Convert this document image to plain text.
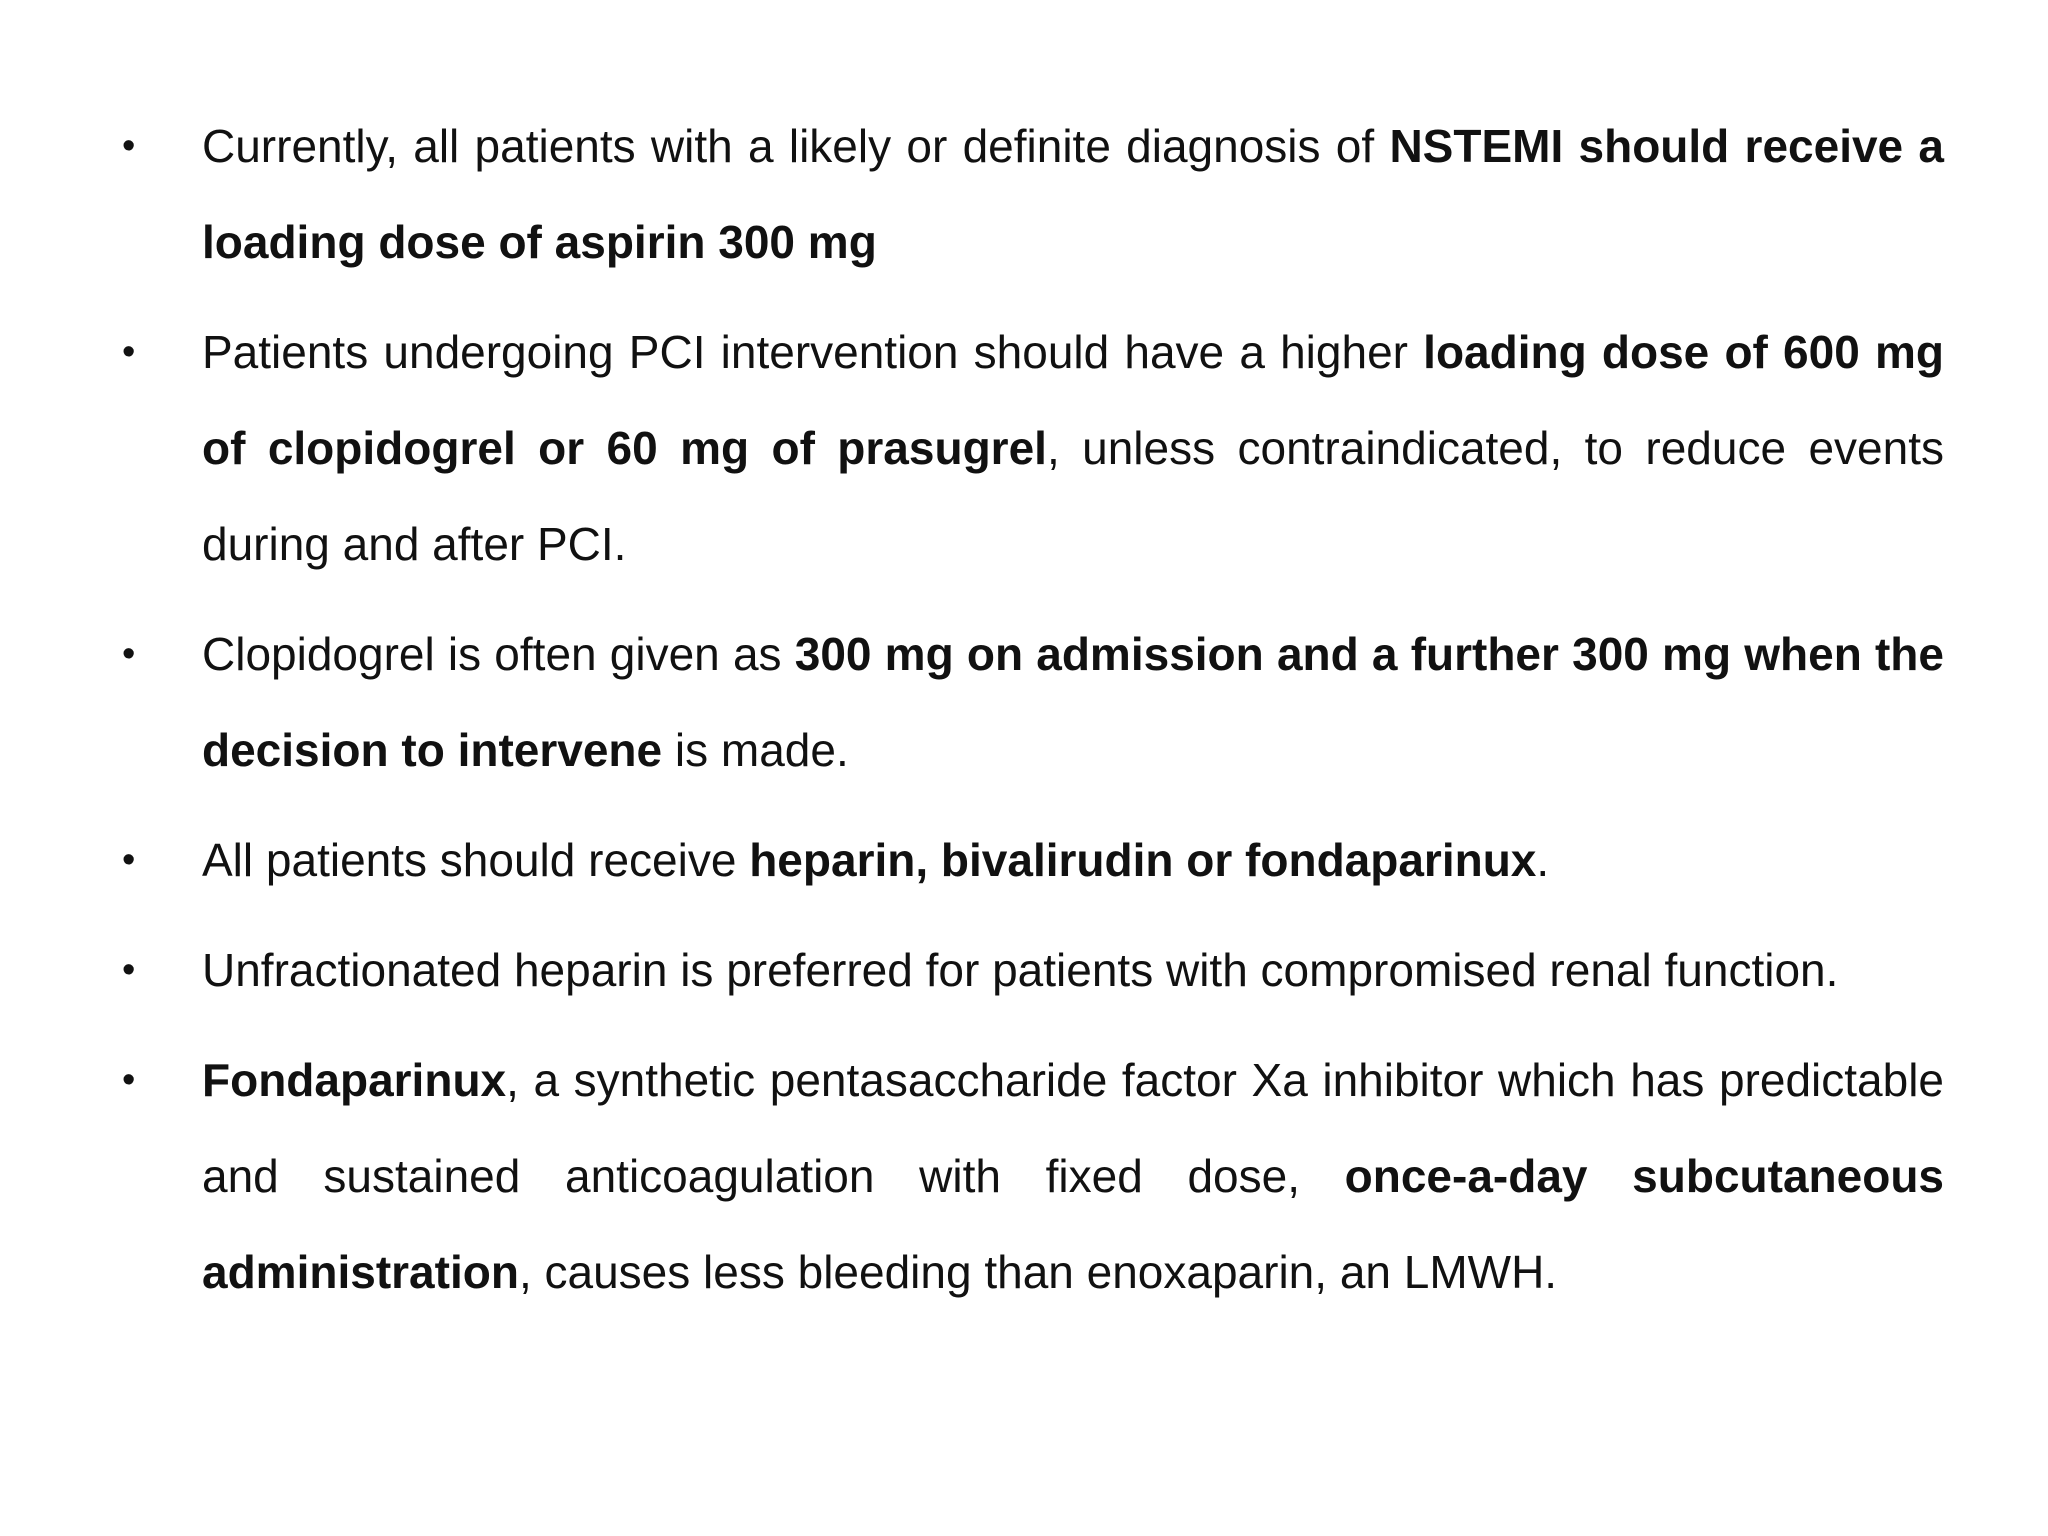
•	Currently, all patients with a likely or definite diagnosis of NSTEMI should receive a loading dose of aspirin 300 mg
•	Patients undergoing PCI intervention should have a higher loading dose of 600 mg of clopidogrel or 60 mg of prasugrel, unless contraindicated, to reduce events during and after PCI.
•	Clopidogrel is often given as 300 mg on admission and a further 300 mg when the decision to intervene is made.
•	All patients should receive heparin, bivalirudin or fondaparinux.
•	Unfractionated heparin is preferred for patients with compromised renal function.
•	Fondaparinux, a synthetic pentasaccharide factor Xa inhibitor which has predictable and sustained anticoagulation with fixed dose, once-a-day subcutaneous administration, causes less bleeding than enoxaparin, an LMWH.
